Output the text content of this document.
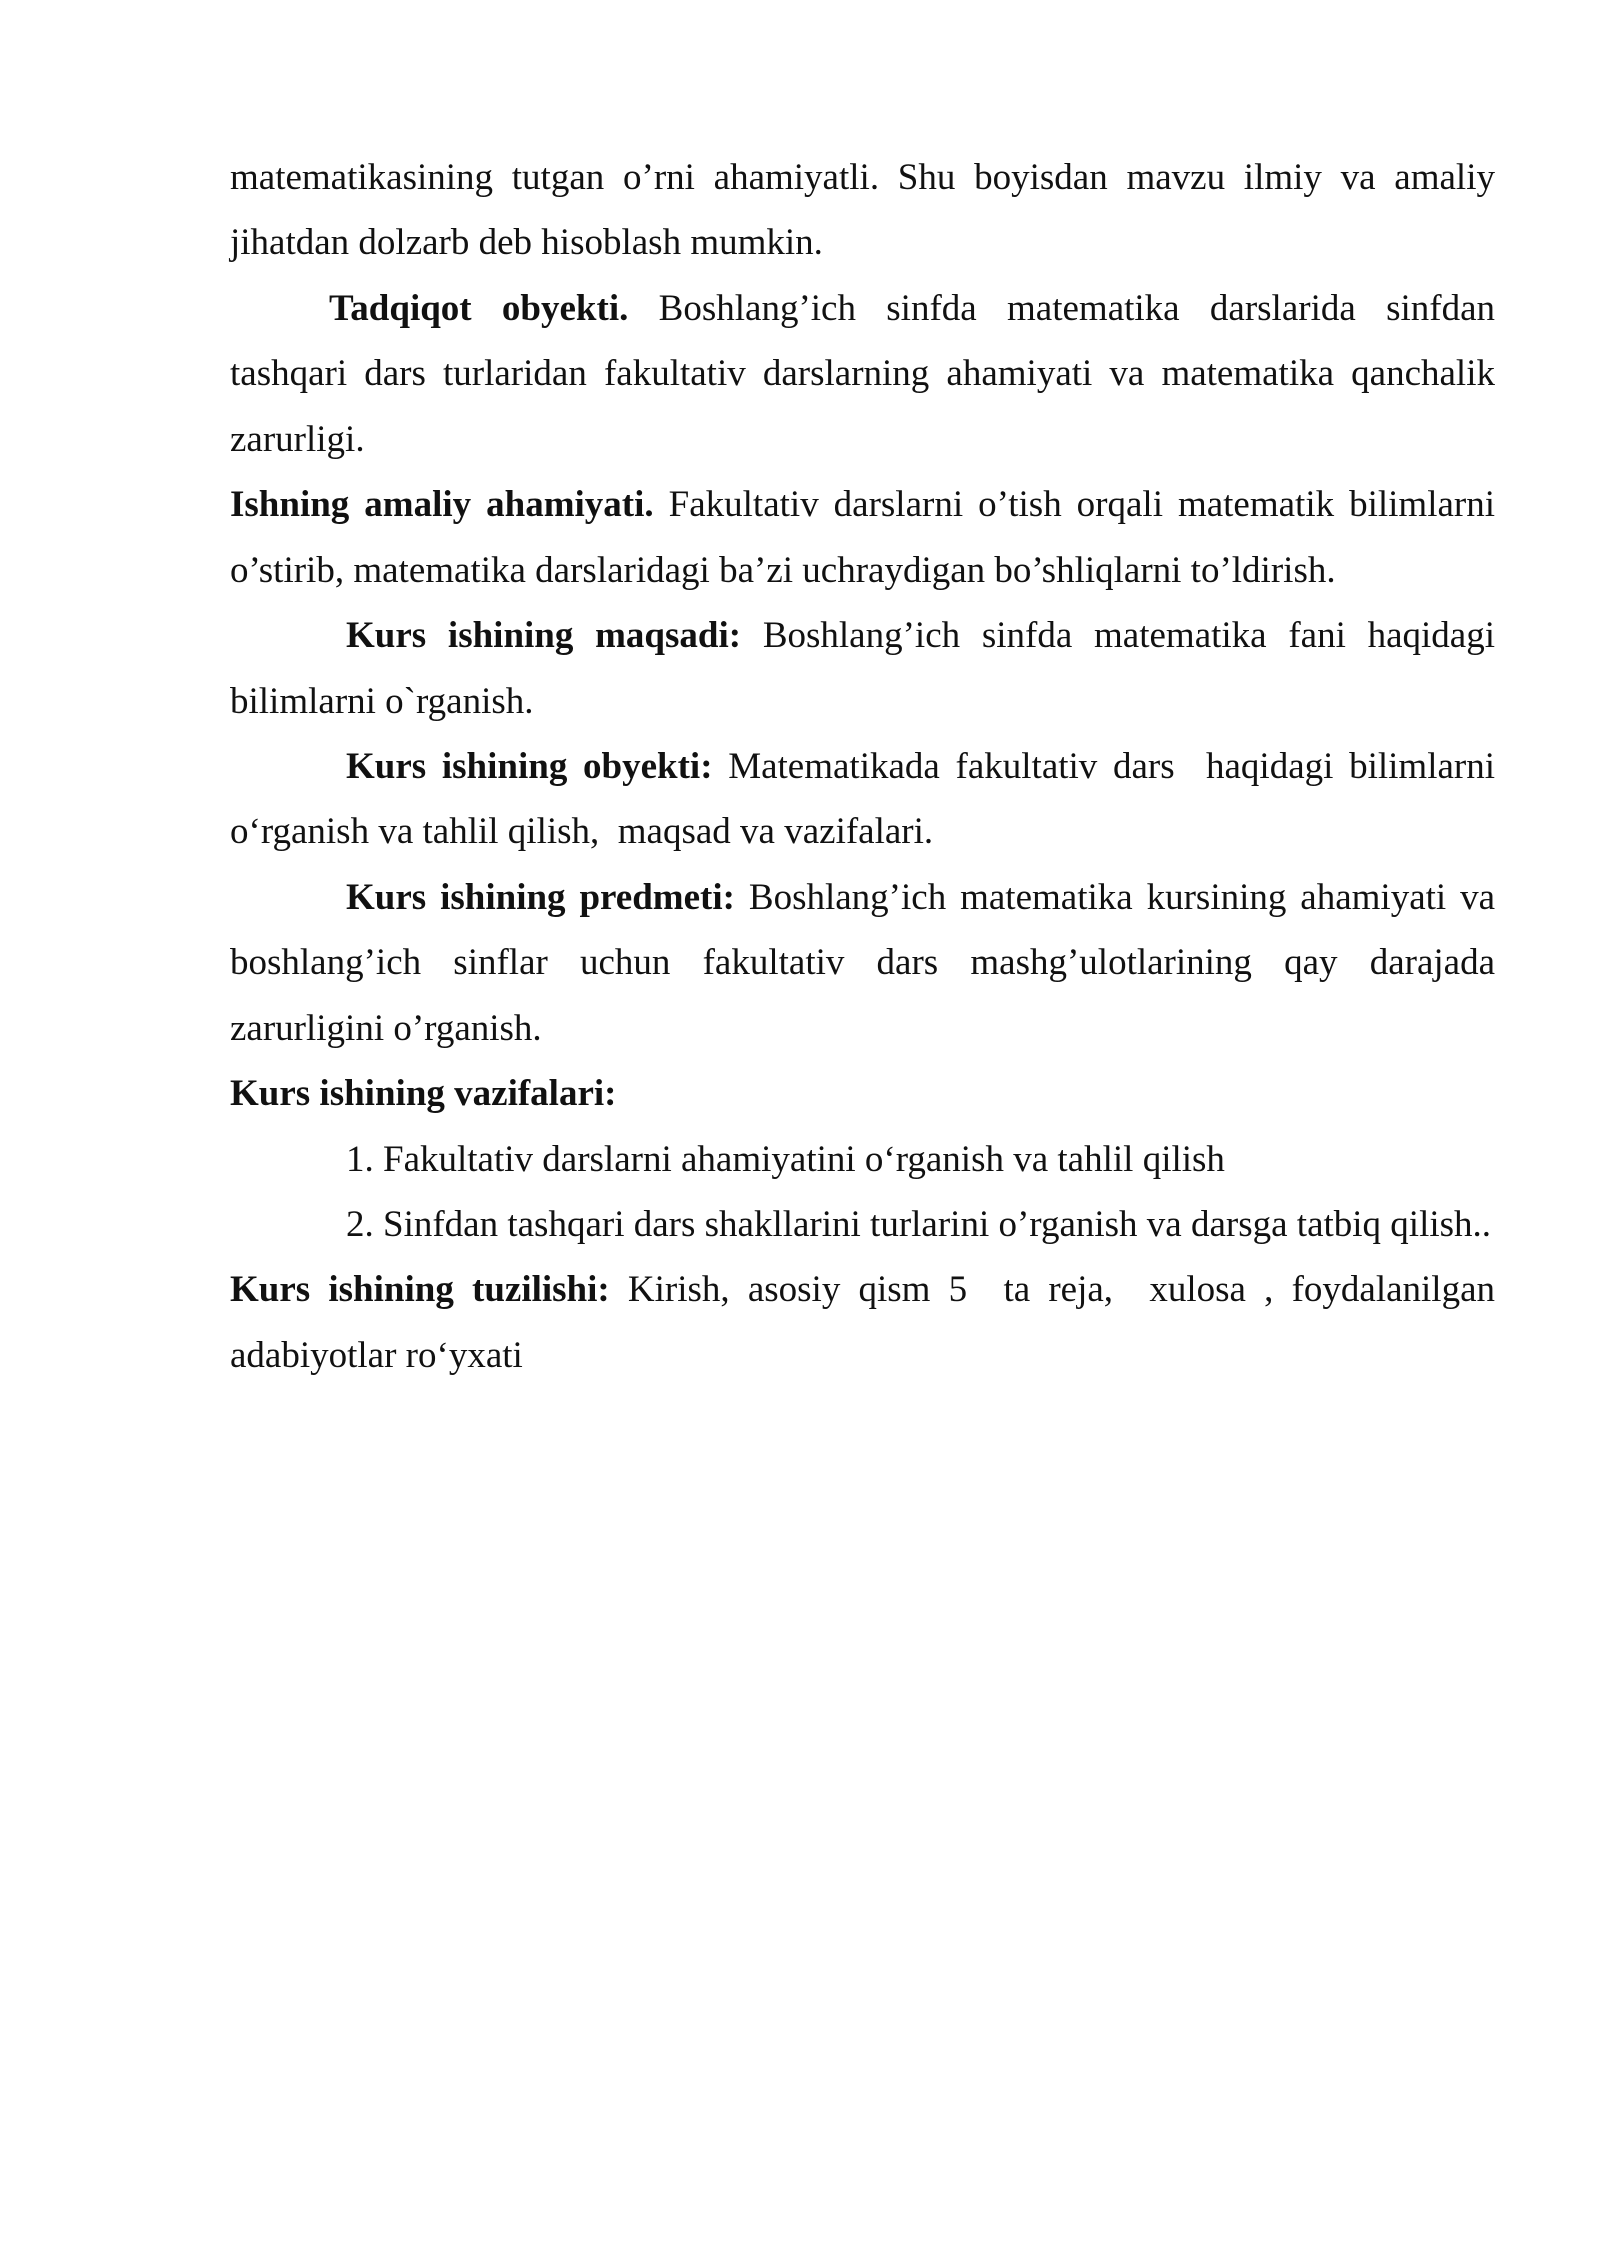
matematikasining tutgan o’rni ahamiyatli. Shu boyisdan mavzu ilmiy va amaliy
jihatdan dolzarb deb hisoblash mumkin.
Tadqiqot obyekti. Boshlang’ich sinfda matematika darslarida sinfdan
tashqari dars turlaridan fakultativ darslarning ahamiyati va matematika qanchalik
zarurligi.
Ishning amaliy ahamiyati. Fakultativ darslarni o’tish orqali matematik bilimlarni
o’stirib, matematika darslaridagi ba’zi uchraydigan bo’shliqlarni to’ldirish.
Kurs ishining maqsadi: Boshlang’ich sinfda matematika fani haqidagi
bilimlarni o`rganish.
Kurs ishining obyekti: Matematikada fakultativ dars  haqidagi bilimlarni
o‘rganish va tahlil qilish,  maqsad va vazifalari.
Kurs ishining predmeti: Boshlang’ich matematika kursining ahamiyati va
boshlang’ich sinflar uchun fakultativ dars mashg’ulotlarining qay darajada
zarurligini o’rganish.
Kurs ishining vazifalari:
1. Fakultativ darslarni ahamiyatini o‘rganish va tahlil qilish
2. Sinfdan tashqari dars shakllarini turlarini o’rganish va darsga tatbiq qilish..
Kurs ishining tuzilishi: Kirish, asosiy qism 5  ta reja,  xulosa , foydalanilgan
adabiyotlar ro‘yxati
